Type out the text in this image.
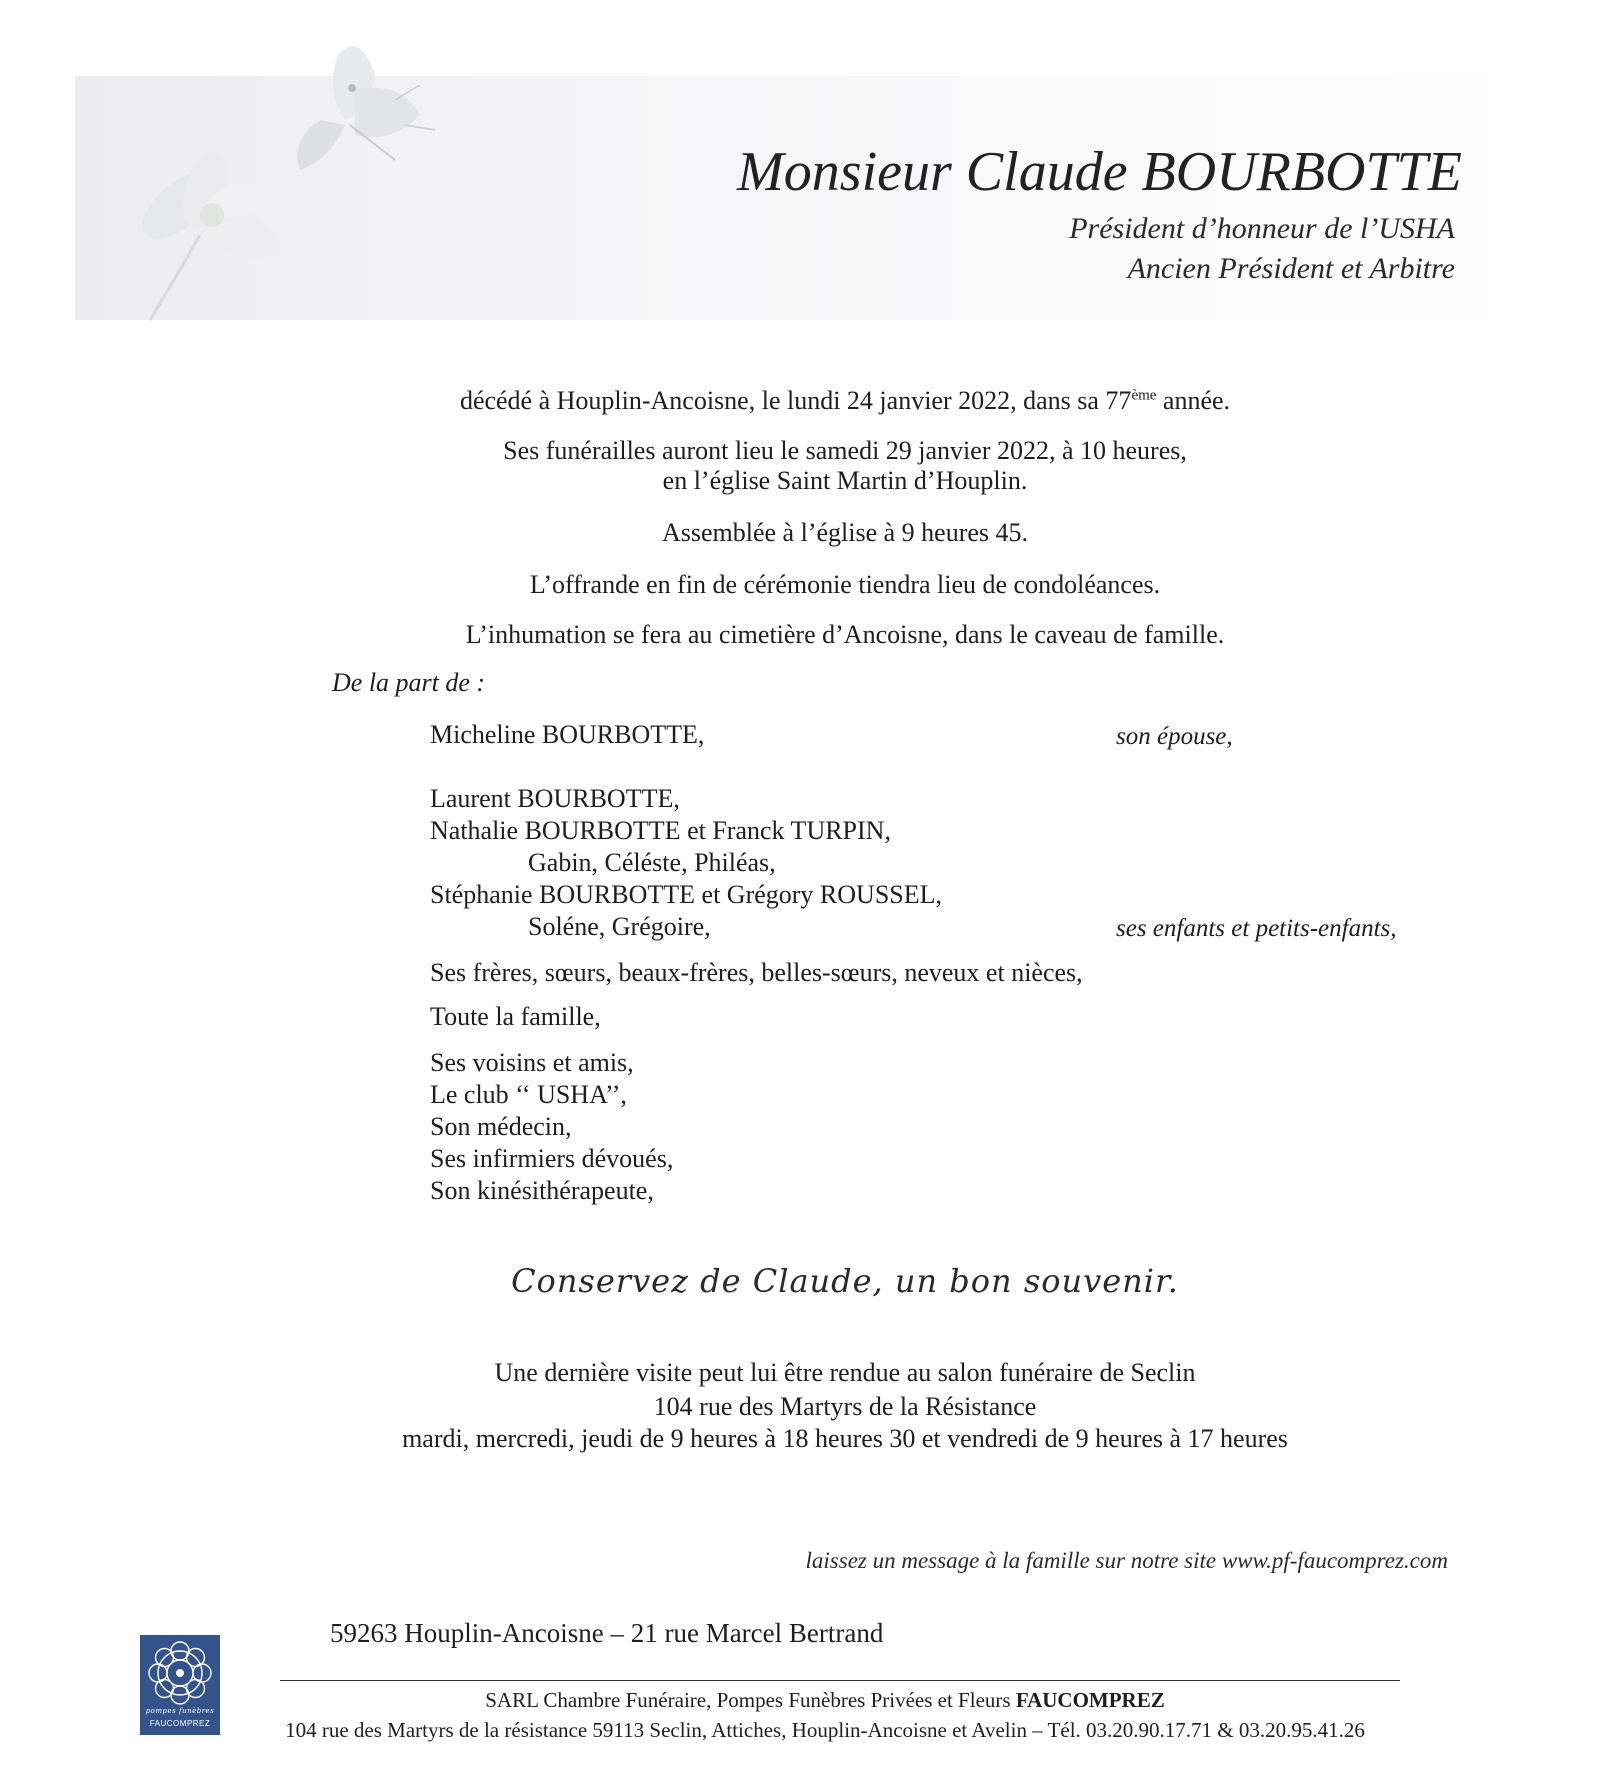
Monsieur Claude BOURBOTTE
Président d’honneur de l’USHA
Ancien Président et Arbitre
décédé à Houplin-Ancoisne, le lundi 24 janvier 2022, dans sa 77ème année.
Ses funérailles auront lieu le samedi 29 janvier 2022, à 10 heures,
en l’église Saint Martin d’Houplin.
Assemblée à l’église à 9 heures 45.
L’offrande en fin de cérémonie tiendra lieu de condoléances.
L’inhumation se fera au cimetière d’Ancoisne, dans le caveau de famille.
De la part de :
Micheline BOURBOTTE,	son épouse,
Laurent BOURBOTTE,
Nathalie BOURBOTTE et Franck TURPIN,
Gabin, Céléste, Philéas,
Stéphanie BOURBOTTE et Grégory ROUSSEL,
Soléne, Grégoire,	ses enfants et petits-enfants,
Ses frères, sœurs, beaux-frères, belles-sœurs, neveux et nièces,
Toute la famille,
Ses voisins et amis,
Le club ‘‘ USHA’’,
Son médecin,
Ses infirmiers dévoués,
Son kinésithérapeute,
Conservez de Claude, un bon souvenir.
Une dernière visite peut lui être rendue au salon funéraire de Seclin
104 rue des Martyrs de la Résistance
mardi, mercredi, jeudi de 9 heures à 18 heures 30 et vendredi de 9 heures à 17 heures
laissez un message à la famille sur notre site www.pf-faucomprez.com
59263 Houplin-Ancoisne – 21 rue Marcel Bertrand
pompes funèbres
FAUCOMPREZ
SARL Chambre Funéraire, Pompes Funèbres Privées et Fleurs FAUCOMPREZ
104 rue des Martyrs de la résistance 59113 Seclin, Attiches, Houplin-Ancoisne et Avelin – Tél. 03.20.90.17.71 & 03.20.95.41.26
